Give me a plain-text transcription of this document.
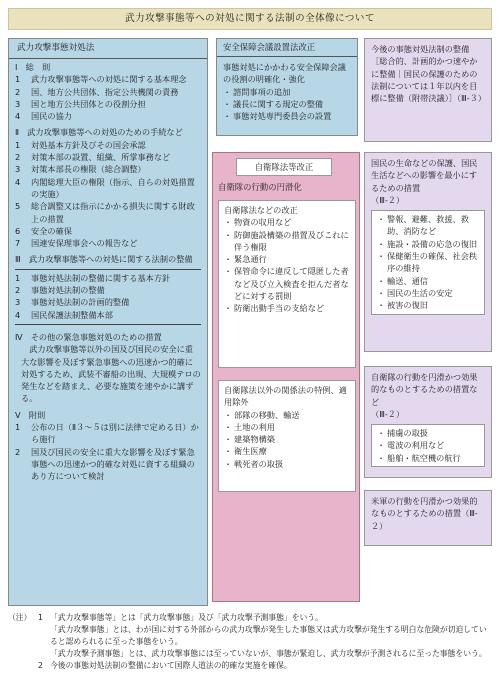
武力攻撃事態等への対処に関する法制の全体像について
武力攻撃事態対処法
Ⅰ　総　則
1	武力攻撃事態等への対処に関する基本理念
2	国、地方公共団体、指定公共機関の責務
3	国と地方公共団体との役割分担
4	国民の協力
Ⅱ　武力攻撃事態等への対処のための手続など
1	対処基本方針及びその国会承認
2	対策本部の設置、組織、所掌事務など
3	対策本部長の権限（総合調整）
4	内閣総理大臣の権限（指示、自らの対処措置の実施）
5	総合調整又は指示にかかる損失に関する財政上の措置
6	安全の確保
7	国連安保理事会への報告など
Ⅲ　武力攻撃事態等への対処に関する法制の整備
1	事態対処法制の整備に関する基本方針
2	事態対処法制の整備
3	事態対処法制の計画的整備
4	国民保護法制整備本部
Ⅳ　その他の緊急事態対処のための措置
武力攻撃事態等以外の国及び国民の安全に重大な影響を及ぼす緊急事態への迅速かつ的確に対処するため、武装不審船の出現、大規模テロの発生などを踏まえ、必要な施策を速やかに講ずる。
Ⅴ　附則
1	公布の日（Ⅱ３～５は別に法律で定める日）から施行
2	国及び国民の安全に重大な影響を及ぼす緊急事態への迅速かつ的確な対処に資する組織のあり方について検討
安全保障会議設置法改正
事態対処にかかわる安全保障会議の役割の明確化・強化
・ 諮問事項の追加
・ 議長に関する規定の整備
・ 事態対処専門委員会の設置
自衛隊法等改正
自衛隊の行動の円滑化
自衛隊法などの改正
・ 物資の収用など
・ 防御施設構築の措置及びこれに伴う権限
・ 緊急通行
・ 保管命令に違反して隠匿した者など及び立入検査を拒んだ者などに対する罰則
・ 防衛出動手当の支給など
自衛隊法以外の関係法の特例、適用除外
・ 部隊の移動、輸送
・ 土地の利用
・ 建築物構築
・ 衛生医療
・ 戦死者の取扱
今後の事態対処法制の整備［総合的、計画的かつ速やかに整備｜国民の保護のための法制については１年以内を目標に整備（附帯決議）］（Ⅲ-３）
国民の生命などの保護、国民生活などへの影響を最小にするための措置
（Ⅲ-２）
・ 警報、避難、救援、救助、消防など
・ 施設・設備の応急の復旧
・ 保健衛生の確保、社会秩序の維持
・ 輸送、通信
・ 国民の生活の安定
・ 被害の復旧
自衛隊の行動を円滑かつ効果的なものとするための措置など
（Ⅲ-２）
・ 捕虜の取扱
・ 電波の利用など
・ 船舶・航空機の航行
米軍の行動を円滑かつ効果的なものとするための措置（Ⅲ-２）
（注） 1 「武力攻撃事態等」とは「武力攻撃事態」及び「武力攻撃予測事態」をいう。
「武力攻撃事態」とは、わが国に対する外部からの武力攻撃が発生した事態又は武力攻撃が発生する明白な危険が切迫していると認められるに至った事態をいう。
「武力攻撃予測事態」とは、武力攻撃事態には至っていないが、事態が緊迫し、武力攻撃が予測されるに至った事態をいう。
2 今後の事態対処法制の整備において国際人道法の的確な実施を確保。
